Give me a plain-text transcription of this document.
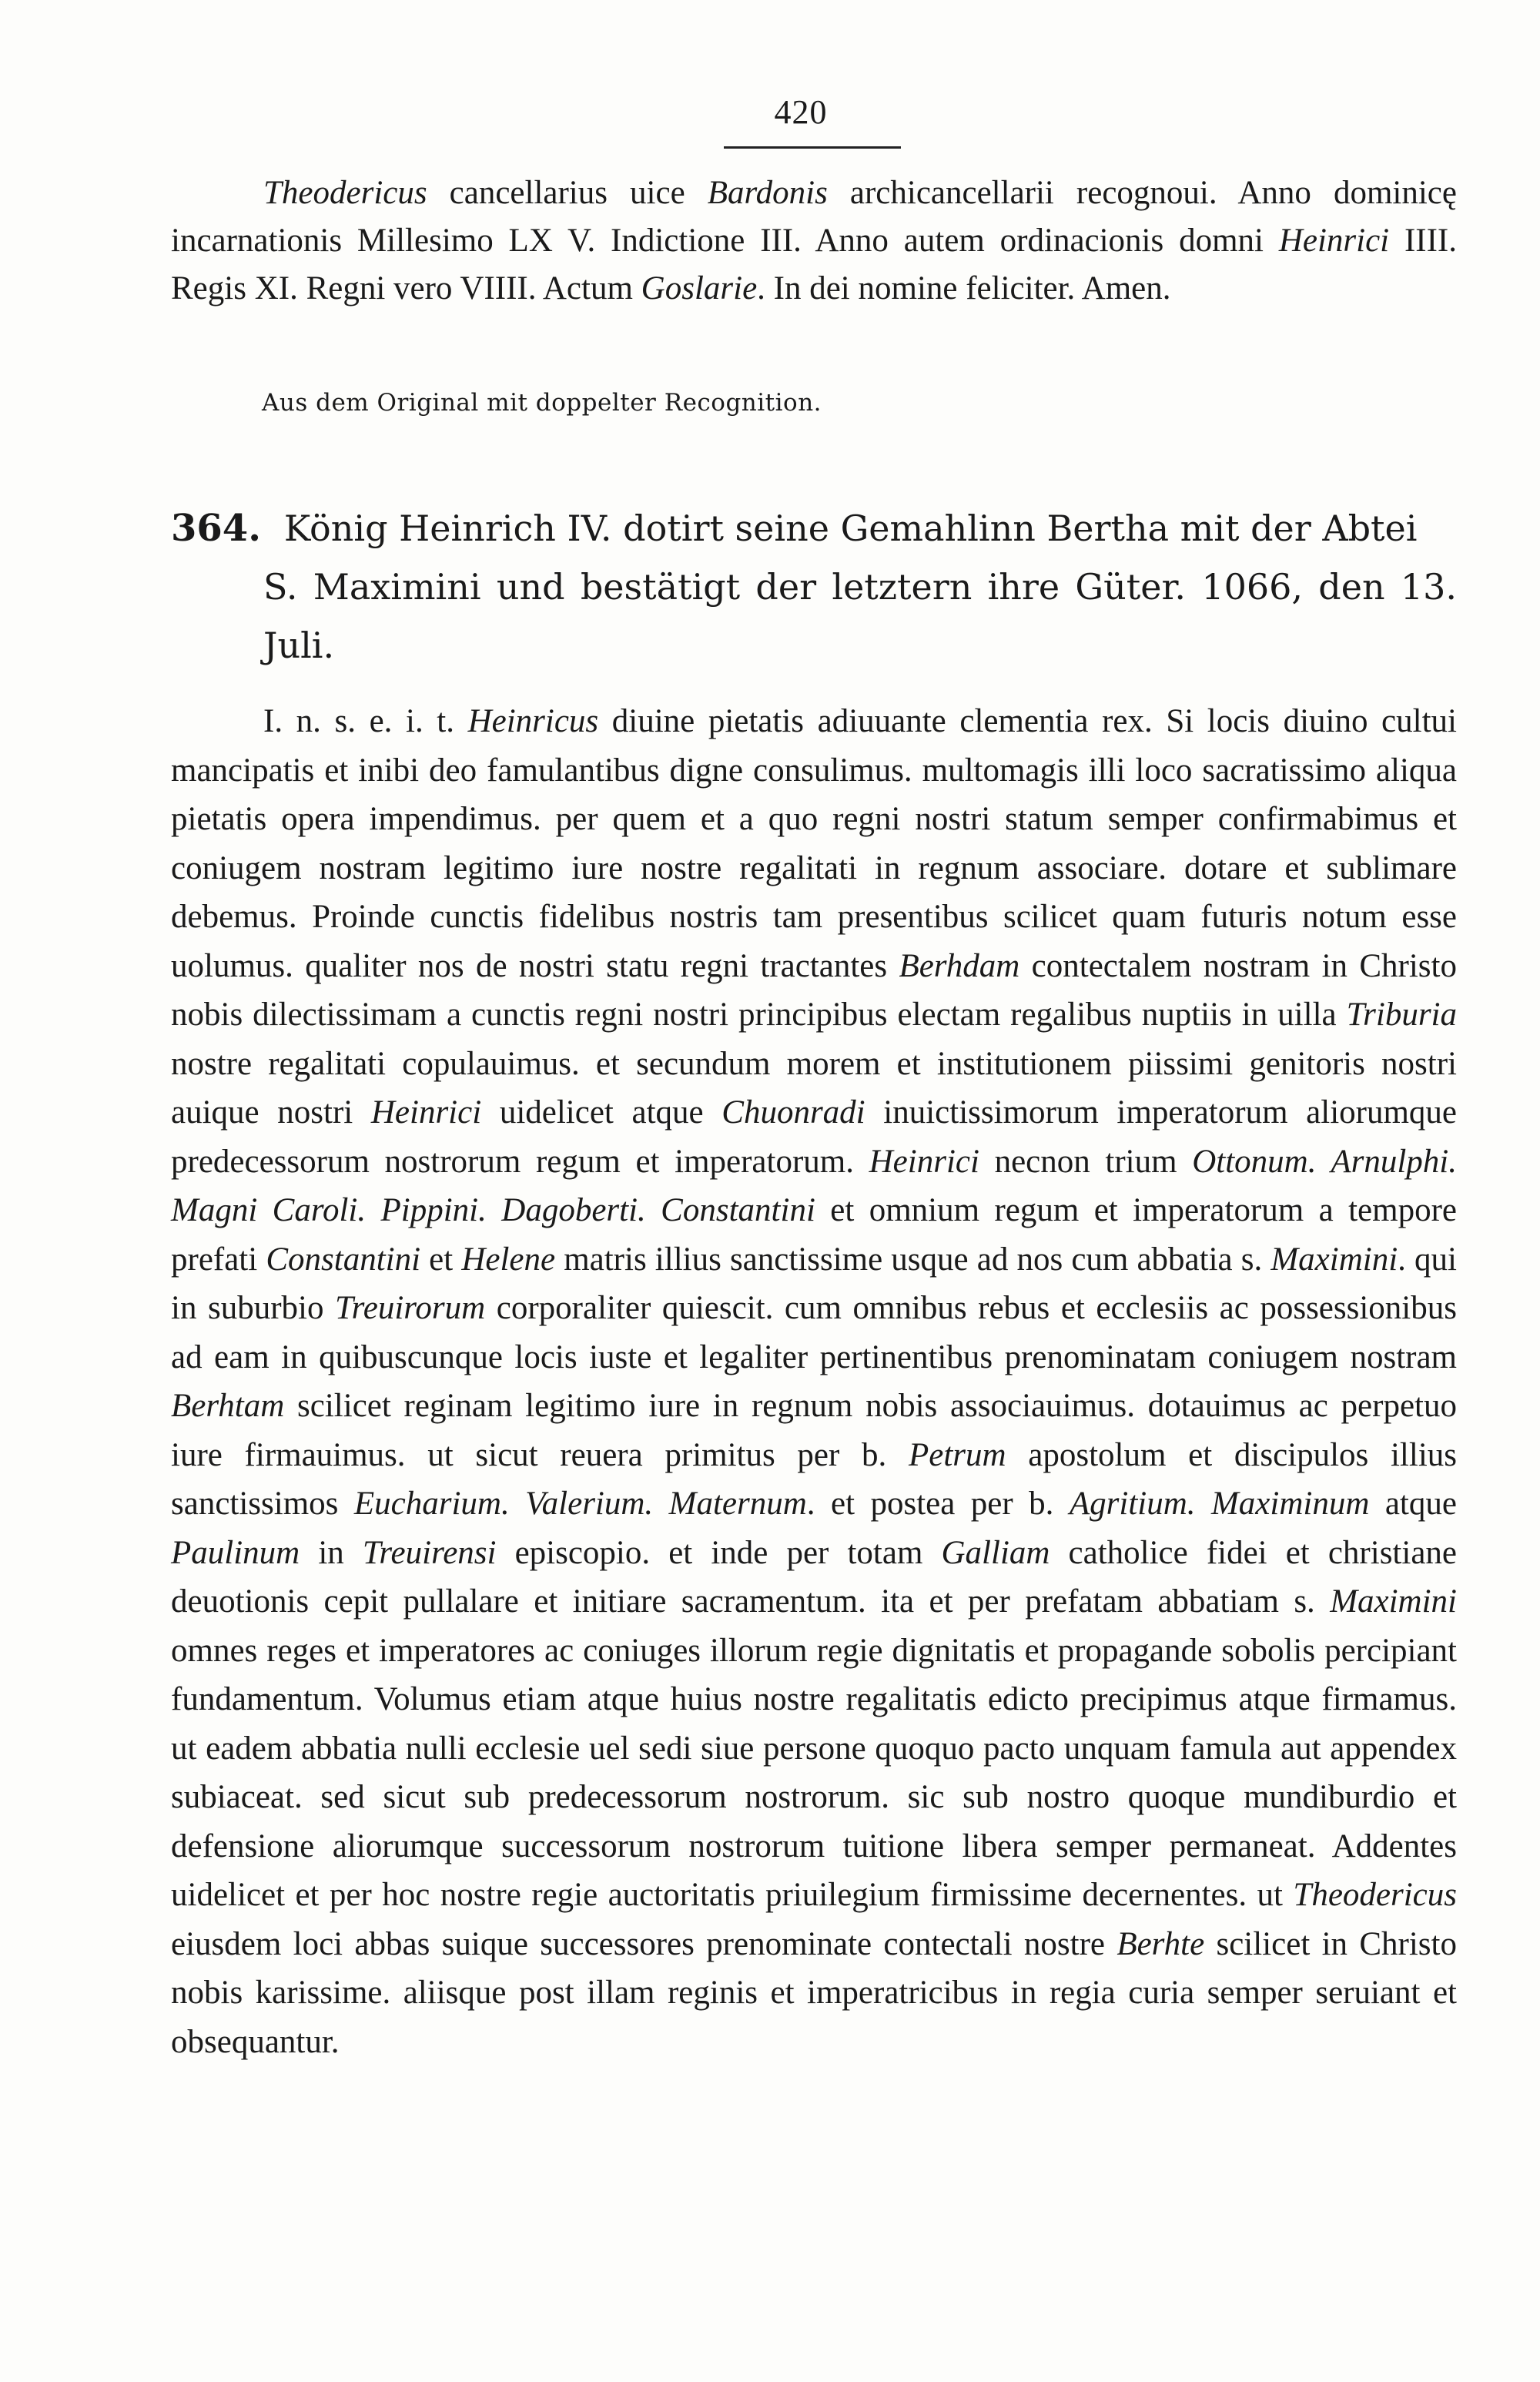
420

Theodericus cancellarius uice Bardonis archicancellarii recognoui. Anno dominicę incarnationis Millesimo LX V. Indictione III. Anno autem ordinacionis domni Heinrici IIII. Regis XI. Regni vero VIIII. Actum Goslarie. In dei nomine feliciter. Amen.

Aus dem Original mit doppelter Recognition.
364. König Heinrich IV. dotirt seine Gemahlinn Bertha mit der Abtei
S. Maximini und bestätigt der letztern ihre Güter. 1066, den 13. Juli.

I. n. s. e. i. t. Heinricus diuine pietatis adiuuante clementia rex. Si locis diuino cultui mancipatis et inibi deo famulantibus digne consulimus. multomagis illi loco sacratissimo aliqua pietatis opera impendimus. per quem et a quo regni nostri statum semper confirmabimus et coniugem nostram legitimo iure nostre regalitati in regnum associare. dotare et sublimare debemus. Proinde cunctis fidelibus nostris tam presentibus scilicet quam futuris notum esse uolumus. qualiter nos de nostri statu regni tractantes Berhdam contectalem nostram in Christo nobis dilectissimam a cunctis regni nostri principibus electam regalibus nuptiis in uilla Triburia nostre regalitati copulauimus. et secundum morem et institutionem piissimi genitoris nostri auique nostri Heinrici uidelicet atque Chuonradi inuictissimorum imperatorum aliorumque predecessorum nostrorum regum et imperatorum. Heinrici necnon trium Ottonum. Arnulphi. Magni Caroli. Pippini. Dagoberti. Constantini et omnium regum et imperatorum a tempore prefati Constantini et Helene matris illius sanctissime usque ad nos cum abbatia s. Maximini. qui in suburbio Treuirorum corporaliter quiescit. cum omnibus rebus et ecclesiis ac possessionibus ad eam in quibuscunque locis iuste et legaliter pertinentibus prenominatam coniugem nostram Berhtam scilicet reginam legitimo iure in regnum nobis associauimus. dotauimus ac perpetuo iure firmauimus. ut sicut reuera primitus per b. Petrum apostolum et discipulos illius sanctissimos Eucharium. Valerium. Maternum. et postea per b. Agritium. Maximinum atque Paulinum in Treuirensi episcopio. et inde per totam Galliam catholice fidei et christiane deuotionis cepit pullalare et initiare sacramentum. ita et per prefatam abbatiam s. Maximini omnes reges et imperatores ac coniuges illorum regie dignitatis et propagande sobolis percipiant fundamentum. Volumus etiam atque huius nostre regalitatis edicto precipimus atque firmamus. ut eadem abbatia nulli ecclesie uel sedi siue persone quoquo pacto unquam famula aut appendex subiaceat. sed sicut sub predecessorum nostrorum. sic sub nostro quoque mundiburdio et defensione aliorumque successorum nostrorum tuitione libera semper permaneat. Addentes uidelicet et per hoc nostre regie auctoritatis priuilegium firmissime decernentes. ut Theodericus eiusdem loci abbas suique successores prenominate contectali nostre Berhte scilicet in Christo nobis karissime. aliisque post illam reginis et imperatricibus in regia curia semper seruiant et obsequantur.
